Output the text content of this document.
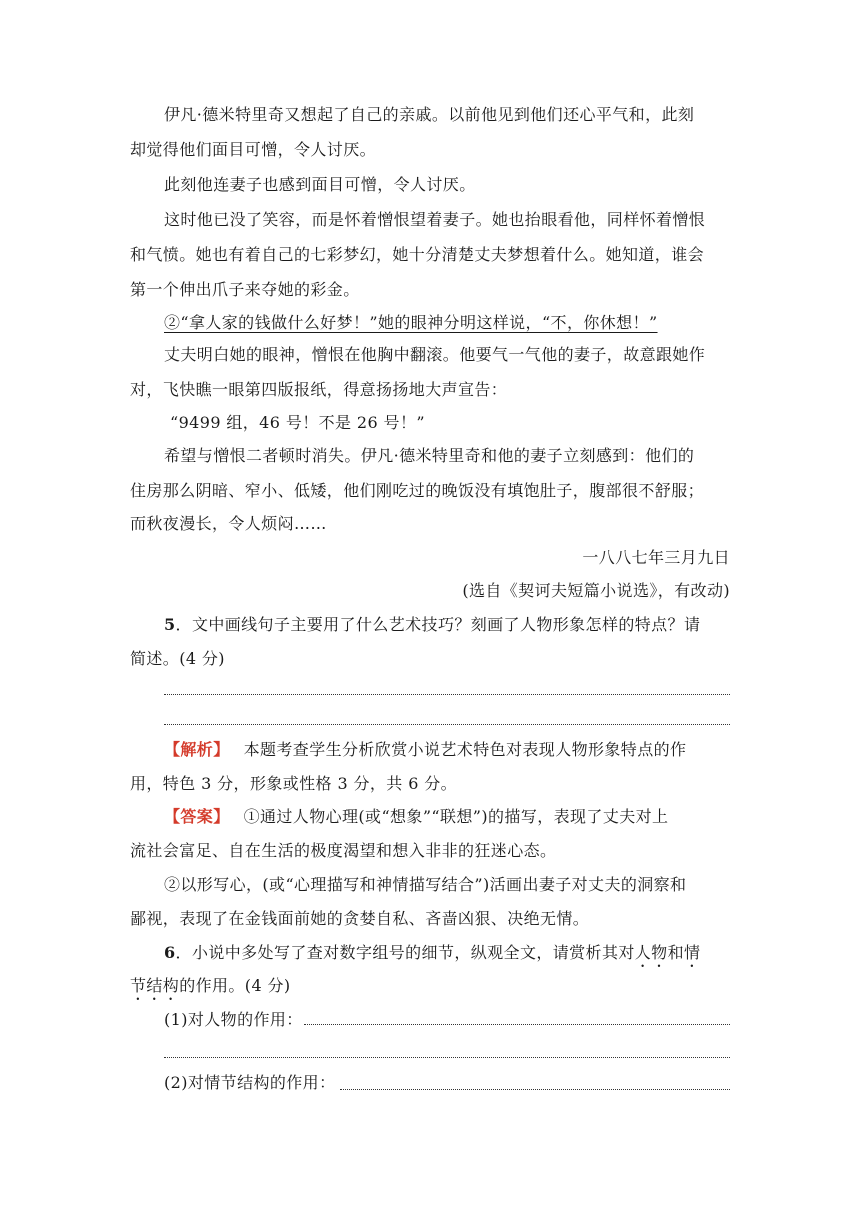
伊凡·德米特里奇又想起了自己的亲戚。以前他见到他们还心平气和，此刻
却觉得他们面目可憎，令人讨厌。
此刻他连妻子也感到面目可憎，令人讨厌。
这时他已没了笑容，而是怀着憎恨望着妻子。她也抬眼看他，同样怀着憎恨
和气愤。她也有着自己的七彩梦幻，她十分清楚丈夫梦想着什么。她知道，谁会
第一个伸出爪子来夺她的彩金。
②“拿人家的钱做什么好梦！”她的眼神分明这样说，“不，你休想！”
丈夫明白她的眼神，憎恨在他胸中翻滚。他要气一气他的妻子，故意跟她作
对，飞快瞧一眼第四版报纸，得意扬扬地大声宣告：
“9499 组，46 号！不是 26 号！”
希望与憎恨二者顿时消失。伊凡·德米特里奇和他的妻子立刻感到：他们的
住房那么阴暗、窄小、低矮，他们刚吃过的晚饭没有填饱肚子，腹部很不舒服；
而秋夜漫长，令人烦闷……
一八八七年三月九日
(选自《契诃夫短篇小说选》，有改动)
5．文中画线句子主要用了什么艺术技巧？刻画了人物形象怎样的特点？请
简述。(4 分)
【解析】 本题考查学生分析欣赏小说艺术特色对表现人物形象特点的作
用，特色 3 分，形象或性格 3 分，共 6 分。
【答案】 ①通过人物心理(或“想象”“联想”)的描写，表现了丈夫对上
流社会富足、自在生活的极度渴望和想入非非的狂迷心态。
②以形写心，(或“心理描写和神情描写结合”)活画出妻子对丈夫的洞察和
鄙视，表现了在金钱面前她的贪婪自私、吝啬凶狠、决绝无情。
6．小说中多处写了查对数字组号的细节，纵观全文，请赏析其对人物和情
节结构的作用。(4 分)
(1)对人物的作用：
(2)对情节结构的作用：
